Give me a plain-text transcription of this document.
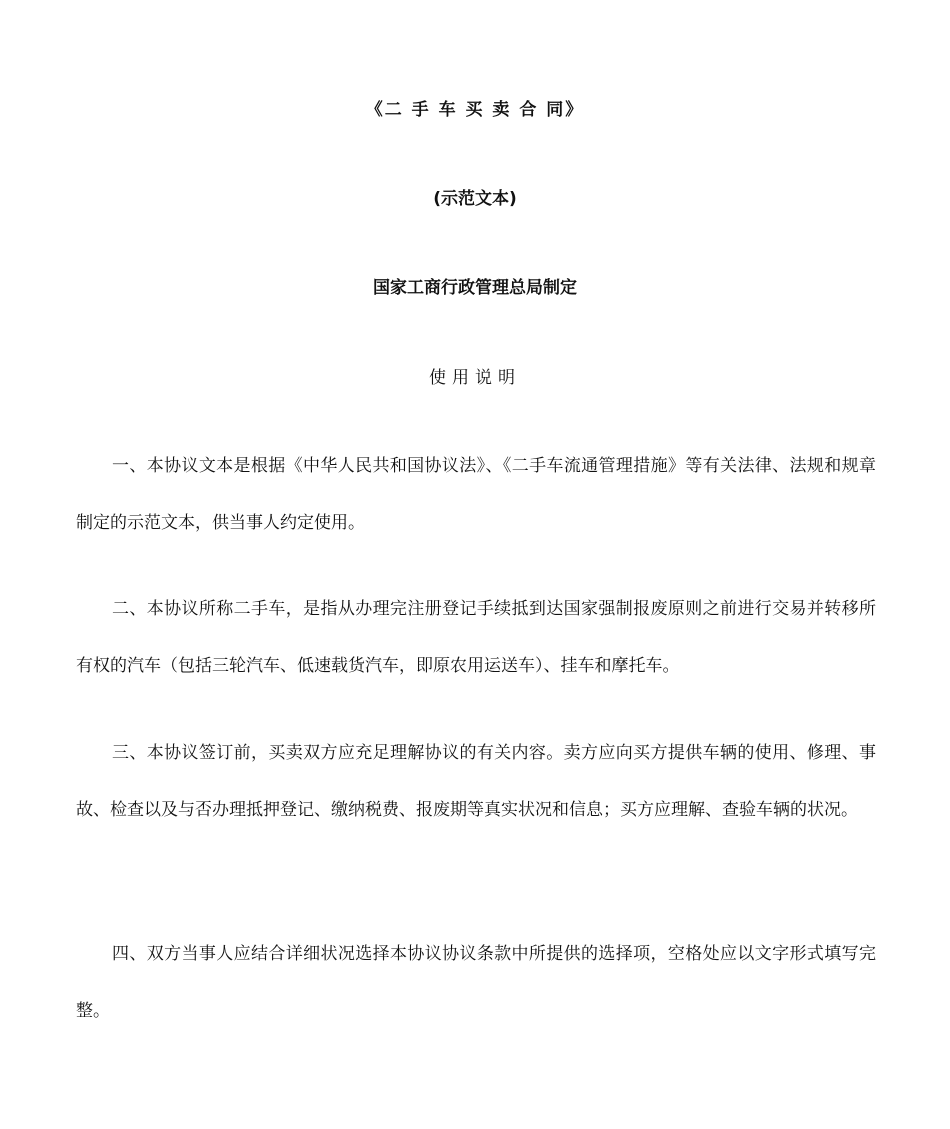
《二 手 车 买 卖 合 同》
(示范文本)
国家工商行政管理总局制定
使用说明

一、本协议文本是根据《中华人民共和国协议法》、《二手车流通管理措施》等有关法律、法规和规章制定的示范文本，供当事人约定使用。

二、本协议所称二手车，是指从办理完注册登记手续抵到达国家强制报废原则之前进行交易并转移所有权的汽车（包括三轮汽车、低速载货汽车，即原农用运送车）、挂车和摩托车。

三、本协议签订前，买卖双方应充足理解协议的有关内容。卖方应向买方提供车辆的使用、修理、事故、检查以及与否办理抵押登记、缴纳税费、报废期等真实状况和信息；买方应理解、查验车辆的状况。

四、双方当事人应结合详细状况选择本协议协议条款中所提供的选择项，空格处应以文字形式填写完整。
